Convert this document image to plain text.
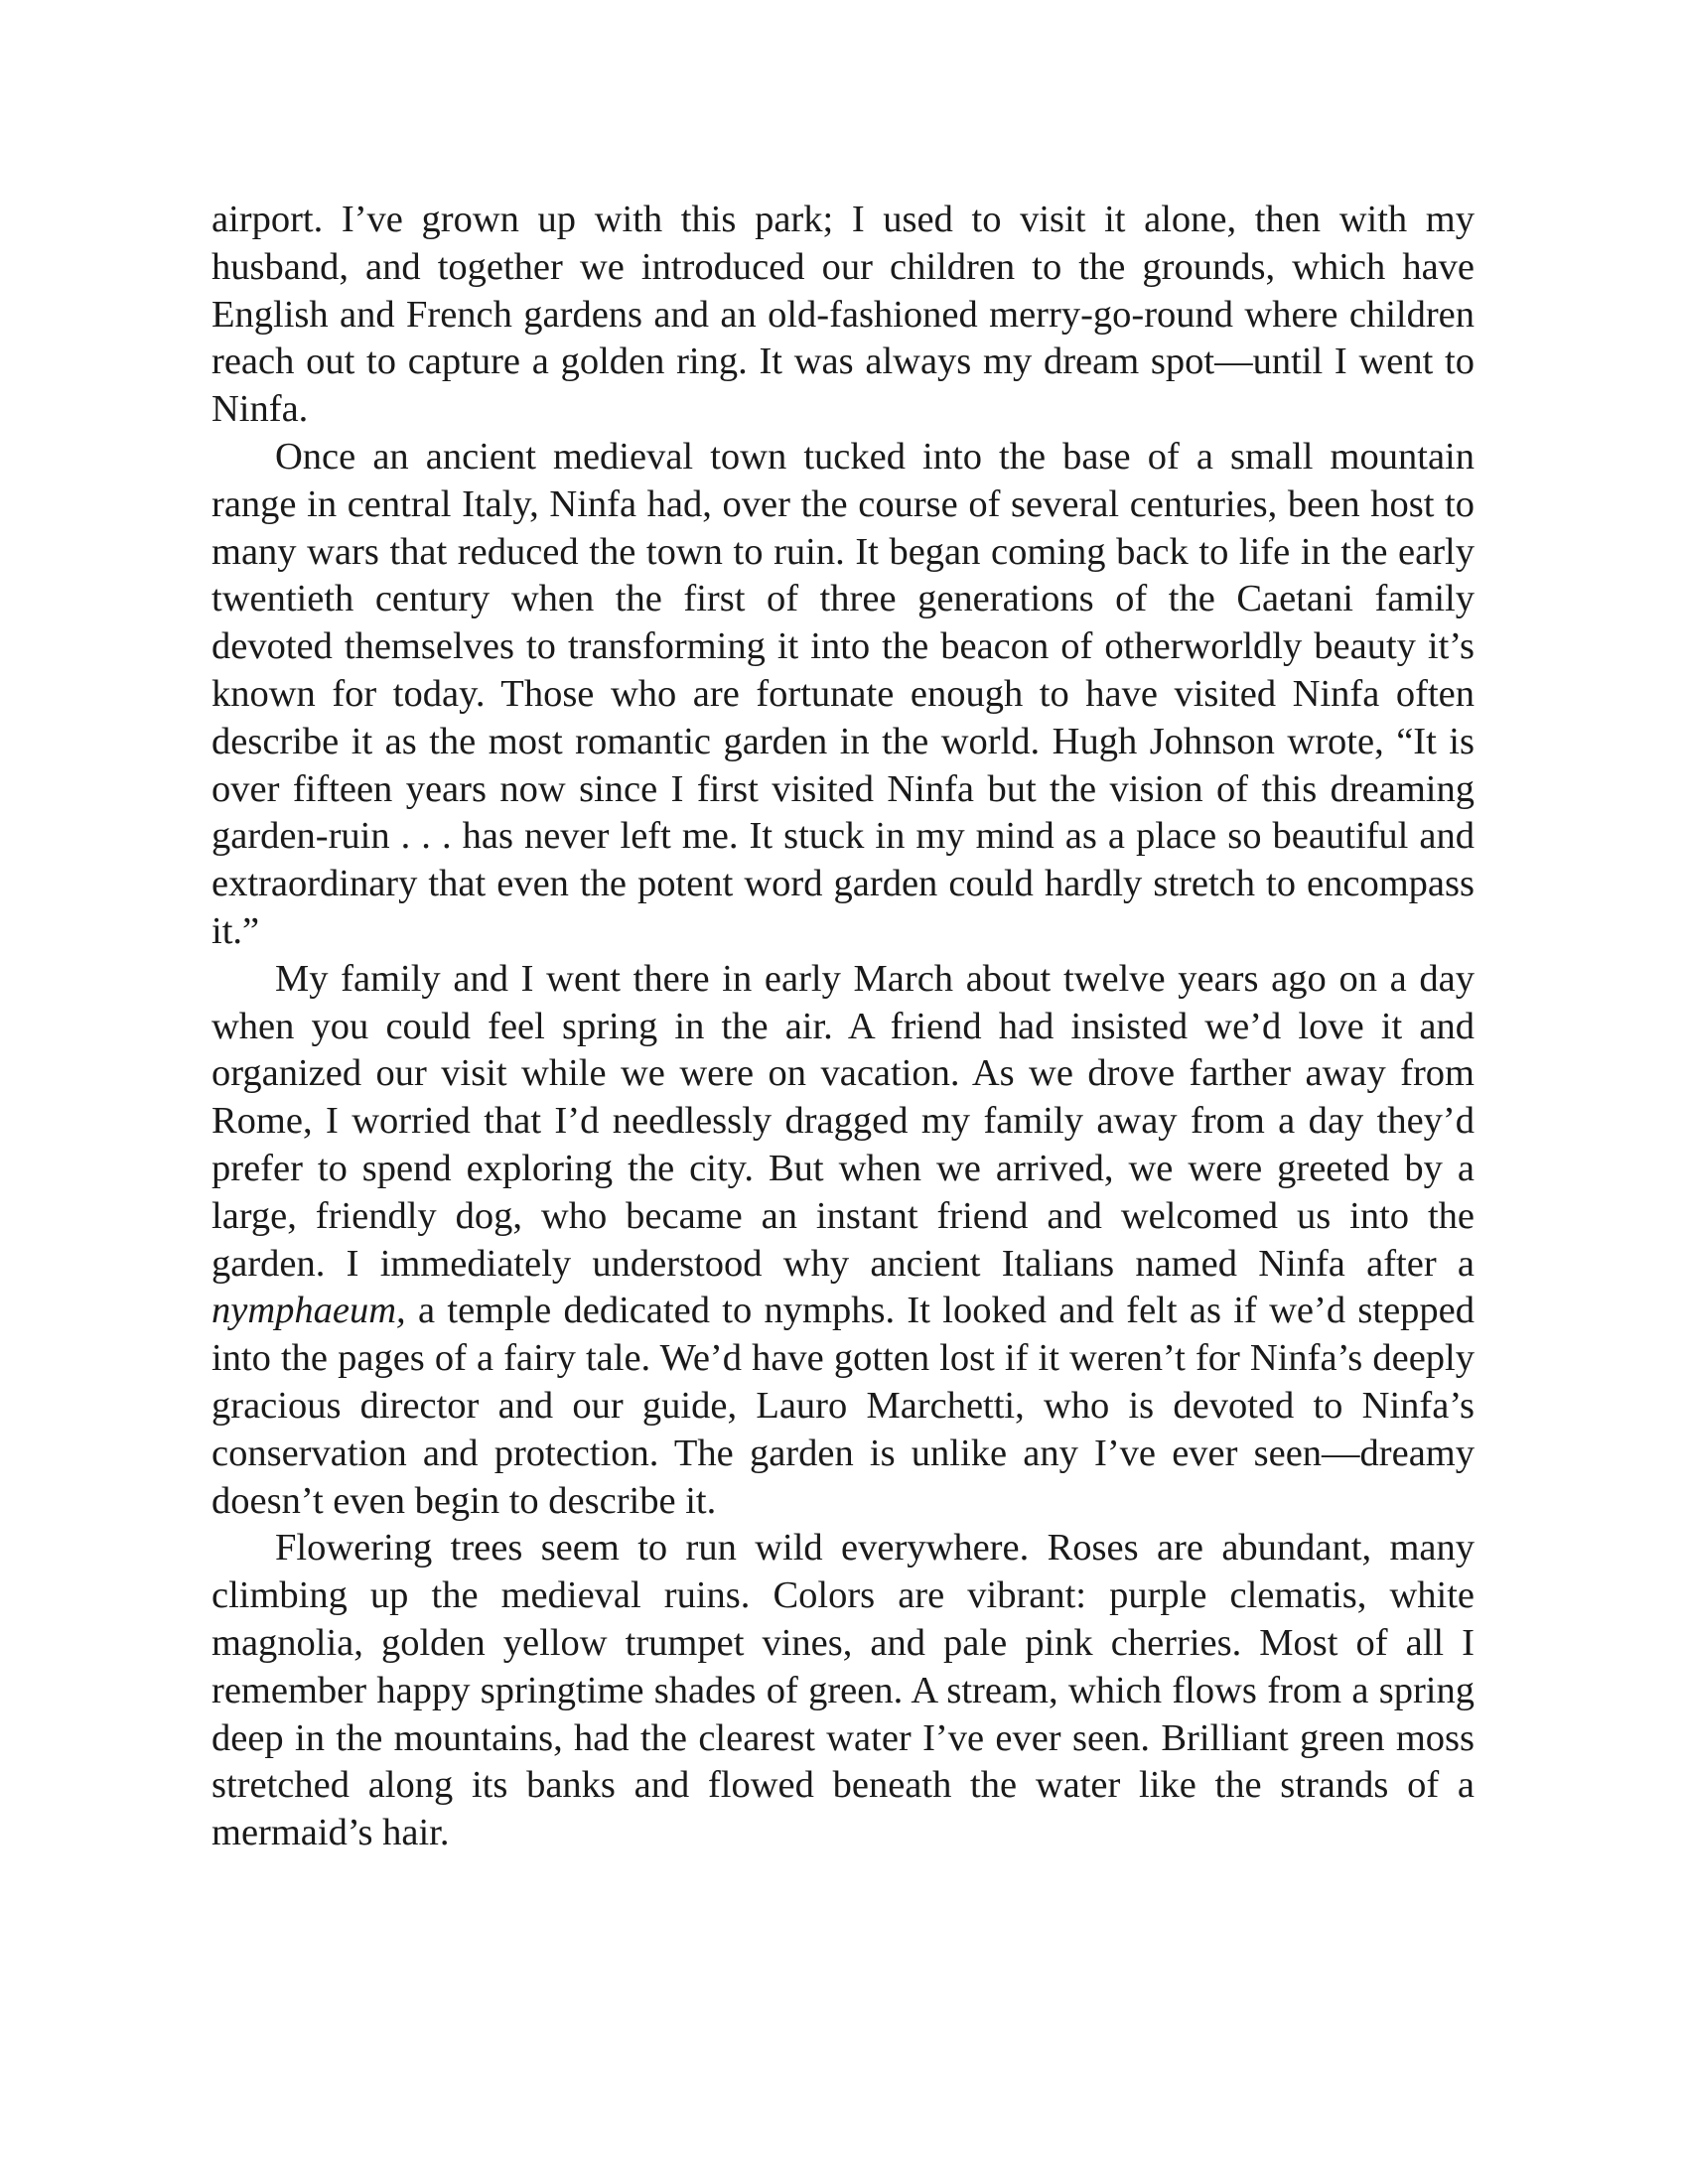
airport. I’ve grown up with this park; I used to visit it alone, then with my husband, and together we introduced our children to the grounds, which have English and French gardens and an old-fashioned merry-go-round where children reach out to capture a golden ring. It was always my dream spot—until I went to Ninfa.

Once an ancient medieval town tucked into the base of a small mountain range in central Italy, Ninfa had, over the course of several centuries, been host to many wars that reduced the town to ruin. It began coming back to life in the early twentieth century when the first of three generations of the Caetani family devoted themselves to transforming it into the beacon of otherworldly beauty it’s known for today. Those who are fortunate enough to have visited Ninfa often describe it as the most romantic garden in the world. Hugh Johnson wrote, “It is over fifteen years now since I first visited Ninfa but the vision of this dreaming garden-ruin . . . has never left me. It stuck in my mind as a place so beautiful and extraordinary that even the potent word garden could hardly stretch to encompass it.”

My family and I went there in early March about twelve years ago on a day when you could feel spring in the air. A friend had insisted we’d love it and organized our visit while we were on vacation. As we drove farther away from Rome, I worried that I’d needlessly dragged my family away from a day they’d prefer to spend exploring the city. But when we arrived, we were greeted by a large, friendly dog, who became an instant friend and welcomed us into the garden. I immediately understood why ancient Italians named Ninfa after a nymphaeum, a temple dedicated to nymphs. It looked and felt as if we’d stepped into the pages of a fairy tale. We’d have gotten lost if it weren’t for Ninfa’s deeply gracious director and our guide, Lauro Marchetti, who is devoted to Ninfa’s conservation and protection. The garden is unlike any I’ve ever seen—dreamy doesn’t even begin to describe it.

Flowering trees seem to run wild everywhere. Roses are abundant, many climbing up the medieval ruins. Colors are vibrant: purple clematis, white magnolia, golden yellow trumpet vines, and pale pink cherries. Most of all I remember happy springtime shades of green. A stream, which flows from a spring deep in the mountains, had the clearest water I’ve ever seen. Brilliant green moss stretched along its banks and flowed beneath the water like the strands of a mermaid’s hair.
